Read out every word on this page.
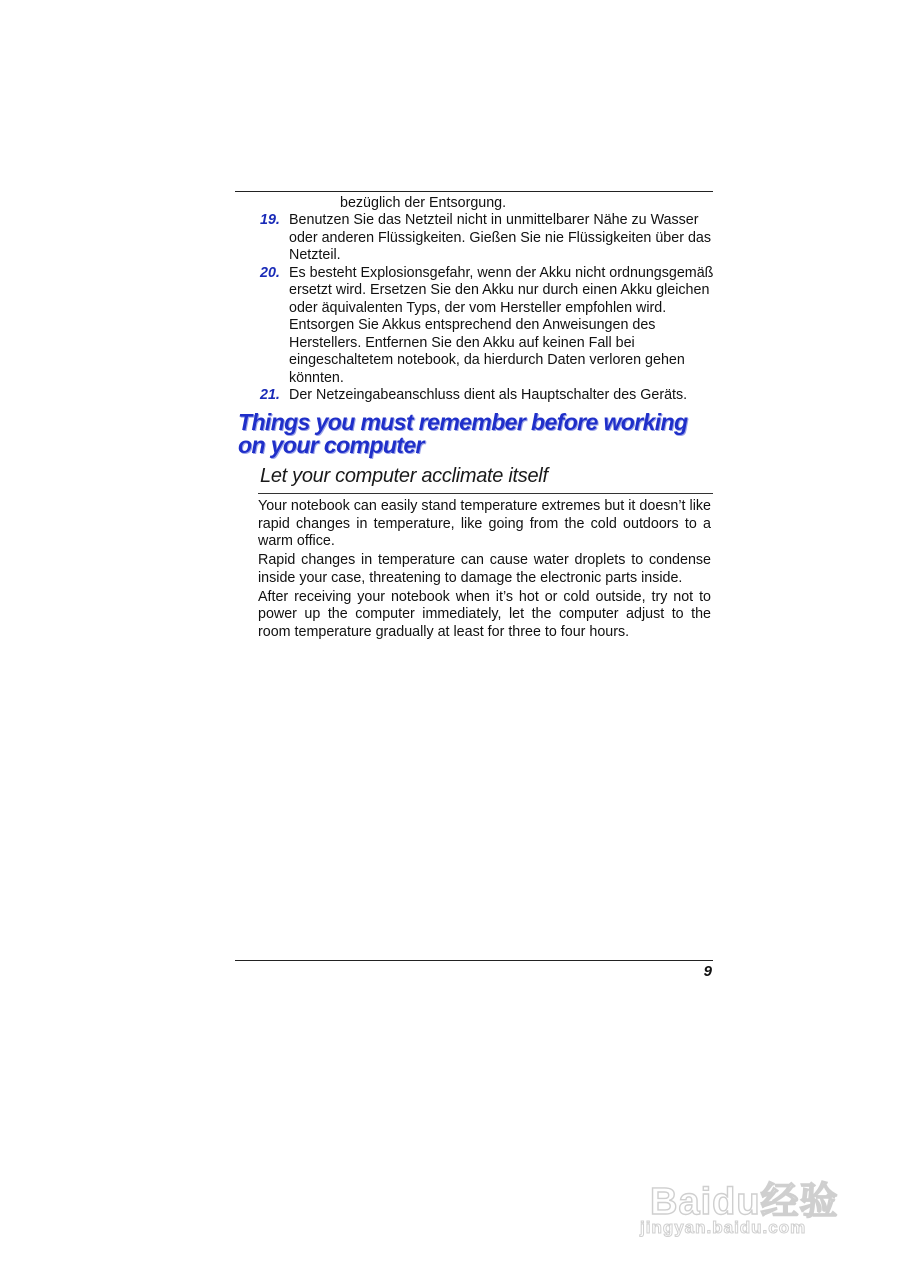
bezüglich der Entsorgung.
19. Benutzen Sie das Netzteil nicht in unmittelbarer Nähe zu Wasser oder anderen Flüssigkeiten. Gießen Sie nie Flüssigkeiten über das Netzteil.
20. Es besteht Explosionsgefahr, wenn der Akku nicht ordnungsgemäß ersetzt wird. Ersetzen Sie den Akku nur durch einen Akku gleichen oder äquivalenten Typs, der vom Hersteller empfohlen wird. Entsorgen Sie Akkus entsprechend den Anweisungen des Herstellers. Entfernen Sie den Akku auf keinen Fall bei eingeschaltetem notebook, da hierdurch Daten verloren gehen könnten.
21. Der Netzeingabeanschluss dient als Hauptschalter des Geräts.
Things you must remember before working on your computer
Let your computer acclimate itself

Your notebook can easily stand temperature extremes but it doesn’t like rapid changes in temperature, like going from the cold outdoors to a warm office.

Rapid changes in temperature can cause water droplets to condense inside your case, threatening to damage the electronic parts inside.

After receiving your notebook when it’s hot or cold outside, try not to power up the computer immediately, let the computer adjust to the room temperature gradually at least for three to four hours.

9
Baidu经验
jingyan.baidu.com
